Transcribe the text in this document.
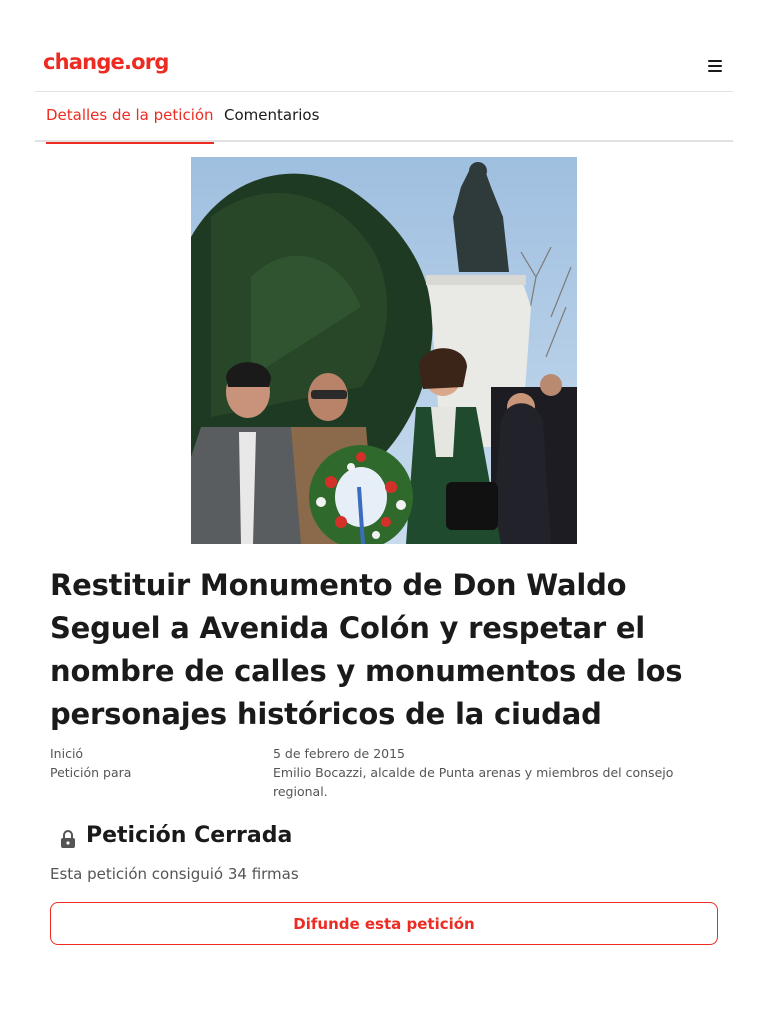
change.org
Detalles de la petición Comentarios
Restituir Monumento de Don Waldo Seguel a Avenida Colón y respetar el nombre de calles y monumentos de los personajes históricos de la ciudad
Inició	5 de febrero de 2015
Petición para	Emilio Bocazzi, alcalde de Punta arenas y miembros del consejo regional.
Petición Cerrada
Esta petición consiguió 34 firmas
Difunde esta petición
